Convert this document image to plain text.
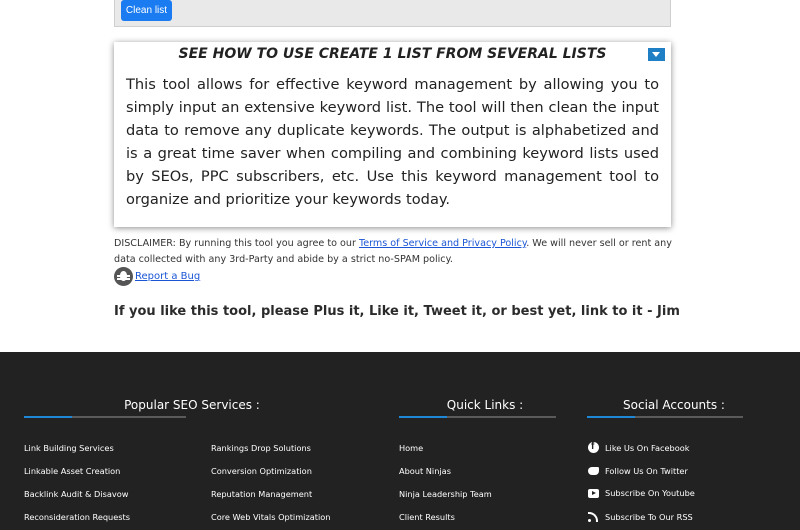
Clean list
SEE HOW TO USE CREATE 1 LIST FROM SEVERAL LISTS

This tool allows for effective keyword management by allowing you to simply input an extensive keyword list. The tool will then clean the input data to remove any duplicate keywords. The output is alphabetized and is a great time saver when compiling and combining keyword lists used by SEOs, PPC subscribers, etc. Use this keyword management tool to organize and prioritize your keywords today.

DISCLAIMER: By running this tool you agree to our Terms of Service and Privacy Policy. We will never sell or rent any data collected with any 3rd-Party and abide by a strict no-SPAM policy.

Report a Bug

If you like this tool, please Plus it, Like it, Tweet it, or best yet, link to it - Jim

Popular SEO Services :
Link Building Services
Linkable Asset Creation
Backlink Audit & Disavow
Reconsideration Requests
Rankings Drop Solutions
Conversion Optimization
Reputation Management
Core Web Vitals Optimization
Quick Links :
Home
About Ninjas
Ninja Leadership Team
Client Results
Social Accounts :
f
Like Us On Facebook
Follow Us On Twitter
Subscribe On Youtube
Subscribe To Our RSS
